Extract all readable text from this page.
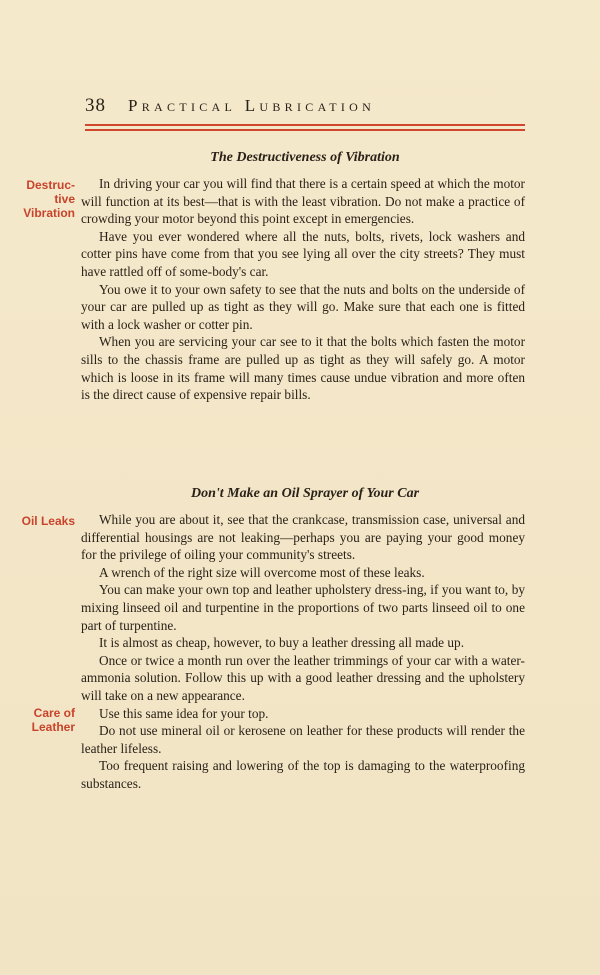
38 Practical Lubrication
The Destructiveness of Vibration
Destruc-
tive
Vibration

In driving your car you will find that there is a certain speed at which the motor will function at its best—that is with the least vibration. Do not make a practice of crowding your motor beyond this point except in emergencies.

Have you ever wondered where all the nuts, bolts, rivets, lock washers and cotter pins have come from that you see lying all over the city streets? They must have rattled off of some-body's car.

You owe it to your own safety to see that the nuts and bolts on the underside of your car are pulled up as tight as they will go. Make sure that each one is fitted with a lock washer or cotter pin.

When you are servicing your car see to it that the bolts which fasten the motor sills to the chassis frame are pulled up as tight as they will safely go. A motor which is loose in its frame will many times cause undue vibration and more often is the direct cause of expensive repair bills.

Don't Make an Oil Sprayer of Your Car
Oil Leaks
Care of
Leather

While you are about it, see that the crankcase, transmission case, universal and differential housings are not leaking—perhaps you are paying your good money for the privilege of oiling your community's streets.

A wrench of the right size will overcome most of these leaks.

You can make your own top and leather upholstery dress-ing, if you want to, by mixing linseed oil and turpentine in the proportions of two parts linseed oil to one part of turpentine.

It is almost as cheap, however, to buy a leather dressing all made up.

Once or twice a month run over the leather trimmings of your car with a water-ammonia solution. Follow this up with a good leather dressing and the upholstery will take on a new appearance.

Use this same idea for your top.

Do not use mineral oil or kerosene on leather for these products will render the leather lifeless.

Too frequent raising and lowering of the top is damaging to the waterproofing substances.
